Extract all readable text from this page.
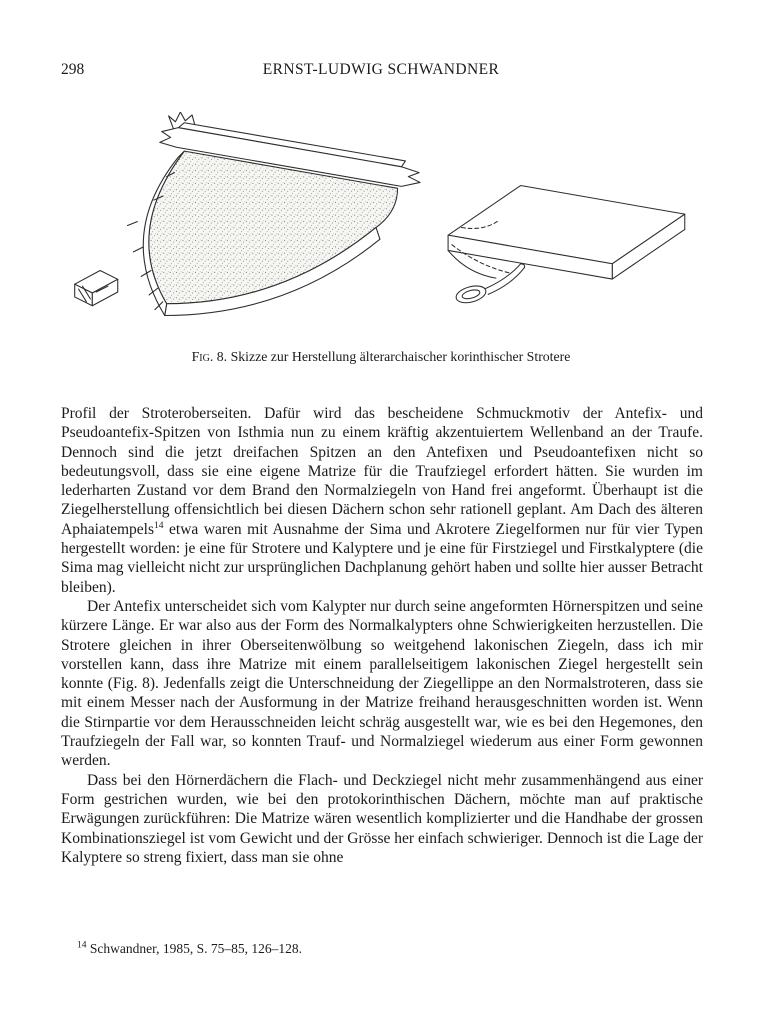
298	ERNST-LUDWIG SCHWANDNER
Fig. 8. Skizze zur Herstellung älterarchaischer korinthischer Strotere

Profil der Stroteroberseiten. Dafür wird das bescheidene Schmuckmotiv der Antefix- und Pseudoantefix-Spitzen von Isthmia nun zu einem kräftig akzentuiertem Wellenband an der Traufe. Dennoch sind die jetzt dreifachen Spitzen an den Antefixen und Pseudoantefixen nicht so bedeutungsvoll, dass sie eine eigene Matrize für die Traufziegel erfordert hätten. Sie wurden im lederharten Zustand vor dem Brand den Normalziegeln von Hand frei angeformt. Überhaupt ist die Ziegelherstellung offensichtlich bei diesen Dächern schon sehr rationell geplant. Am Dach des älteren Aphaiatempels$^{14}$ etwa waren mit Ausnahme der Sima und Akrotere Ziegelformen nur für vier Typen hergestellt worden: je eine für Strotere und Kalyptere und je eine für Firstziegel und Firstkalyptere (die Sima mag vielleicht nicht zur ursprünglichen Dachplanung gehört haben und sollte hier ausser Betracht bleiben).

Der Antefix unterscheidet sich vom Kalypter nur durch seine angeformten Hörnerspitzen und seine kürzere Länge. Er war also aus der Form des Normalkalypters ohne Schwierigkeiten herzustellen. Die Strotere gleichen in ihrer Oberseitenwölbung so weitgehend lakonischen Ziegeln, dass ich mir vorstellen kann, dass ihre Matrize mit einem parallelseitigem lakonischen Ziegel hergestellt sein konnte (Fig. 8). Jedenfalls zeigt die Unterschneidung der Ziegellippe an den Normalstroteren, dass sie mit einem Messer nach der Ausformung in der Matrize freihand herausgeschnitten worden ist. Wenn die Stirnpartie vor dem Herausschneiden leicht schräg ausgestellt war, wie es bei den Hegemones, den Traufziegeln der Fall war, so konnten Trauf- und Normalziegel wiederum aus einer Form gewonnen werden.

Dass bei den Hörnerdächern die Flach- und Deckziegel nicht mehr zusammenhängend aus einer Form gestrichen wurden, wie bei den protokorinthischen Dächern, möchte man auf praktische Erwägungen zurückführen: Die Matrize wären wesentlich komplizierter und die Handhabe der grossen Kombinationsziegel ist vom Gewicht und der Grösse her einfach schwieriger. Dennoch ist die Lage der Kalyptere so streng fixiert, dass man sie ohne

$^{14}$ Schwandner, 1985, S. 75–85, 126–128.
